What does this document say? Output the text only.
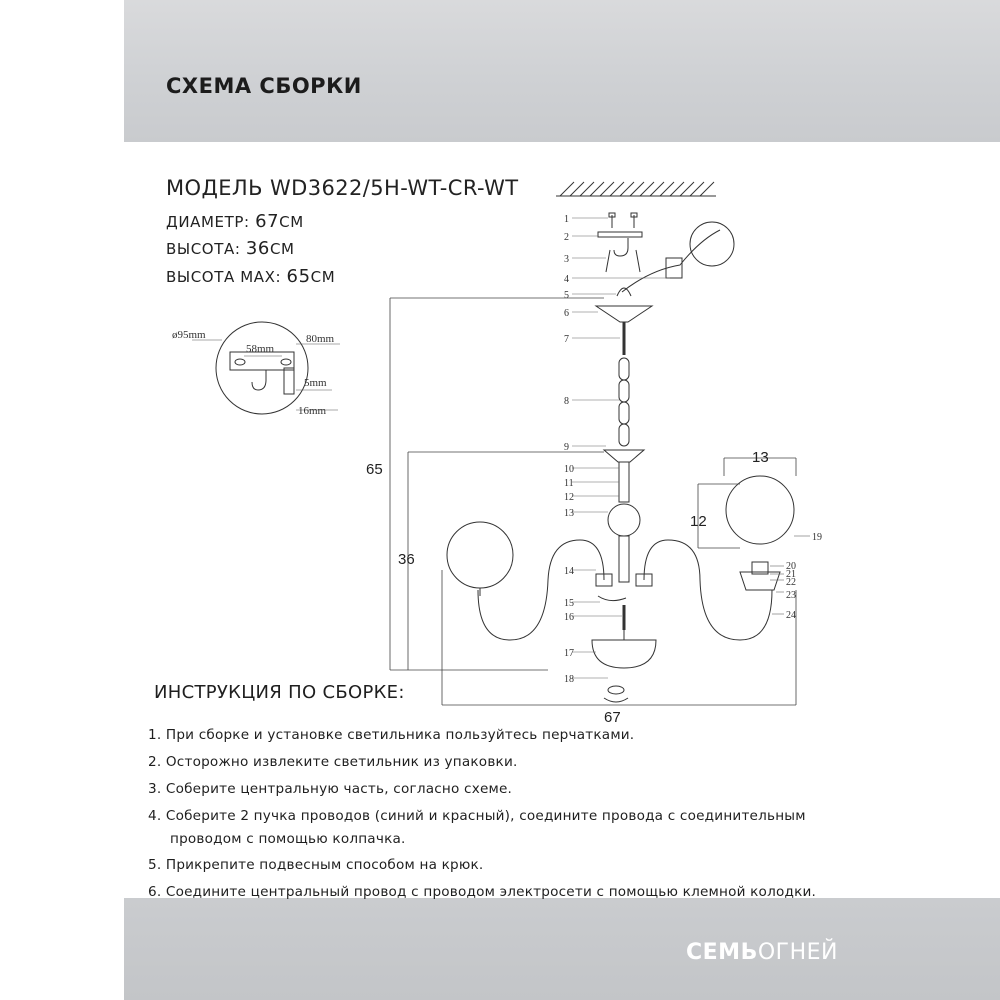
СХЕМА СБОРКИ
МОДЕЛЬ WD3622/5H-WT-CR-WT
ДИАМЕТР: 67СМ
ВЫСОТА: 36СМ
ВЫСОТА MAX: 65СМ
1
2
3
4
5
6
7
8
9
10
11
12
13
14
15
16
17
18
19
20
21
22
23
24
65
36
13
12
67
ø95mm	80mm
58mm
5mm
16mm
ИНСТРУКЦИЯ ПО СБОРКЕ:
1. При сборке и установке светильника пользуйтесь перчатками.
2. Осторожно извлеките светильник из упаковки.
3. Соберите центральную часть, согласно схеме.
4. Соберите 2 пучка проводов (синий и красный), соедините провода с соединительным
проводом с помощью колпачка.
5. Прикрепите подвесным способом на крюк.
6. Соедините центральный провод с проводом электросети с помощью клемной колодки.
СЕМЬОГНЕЙ
